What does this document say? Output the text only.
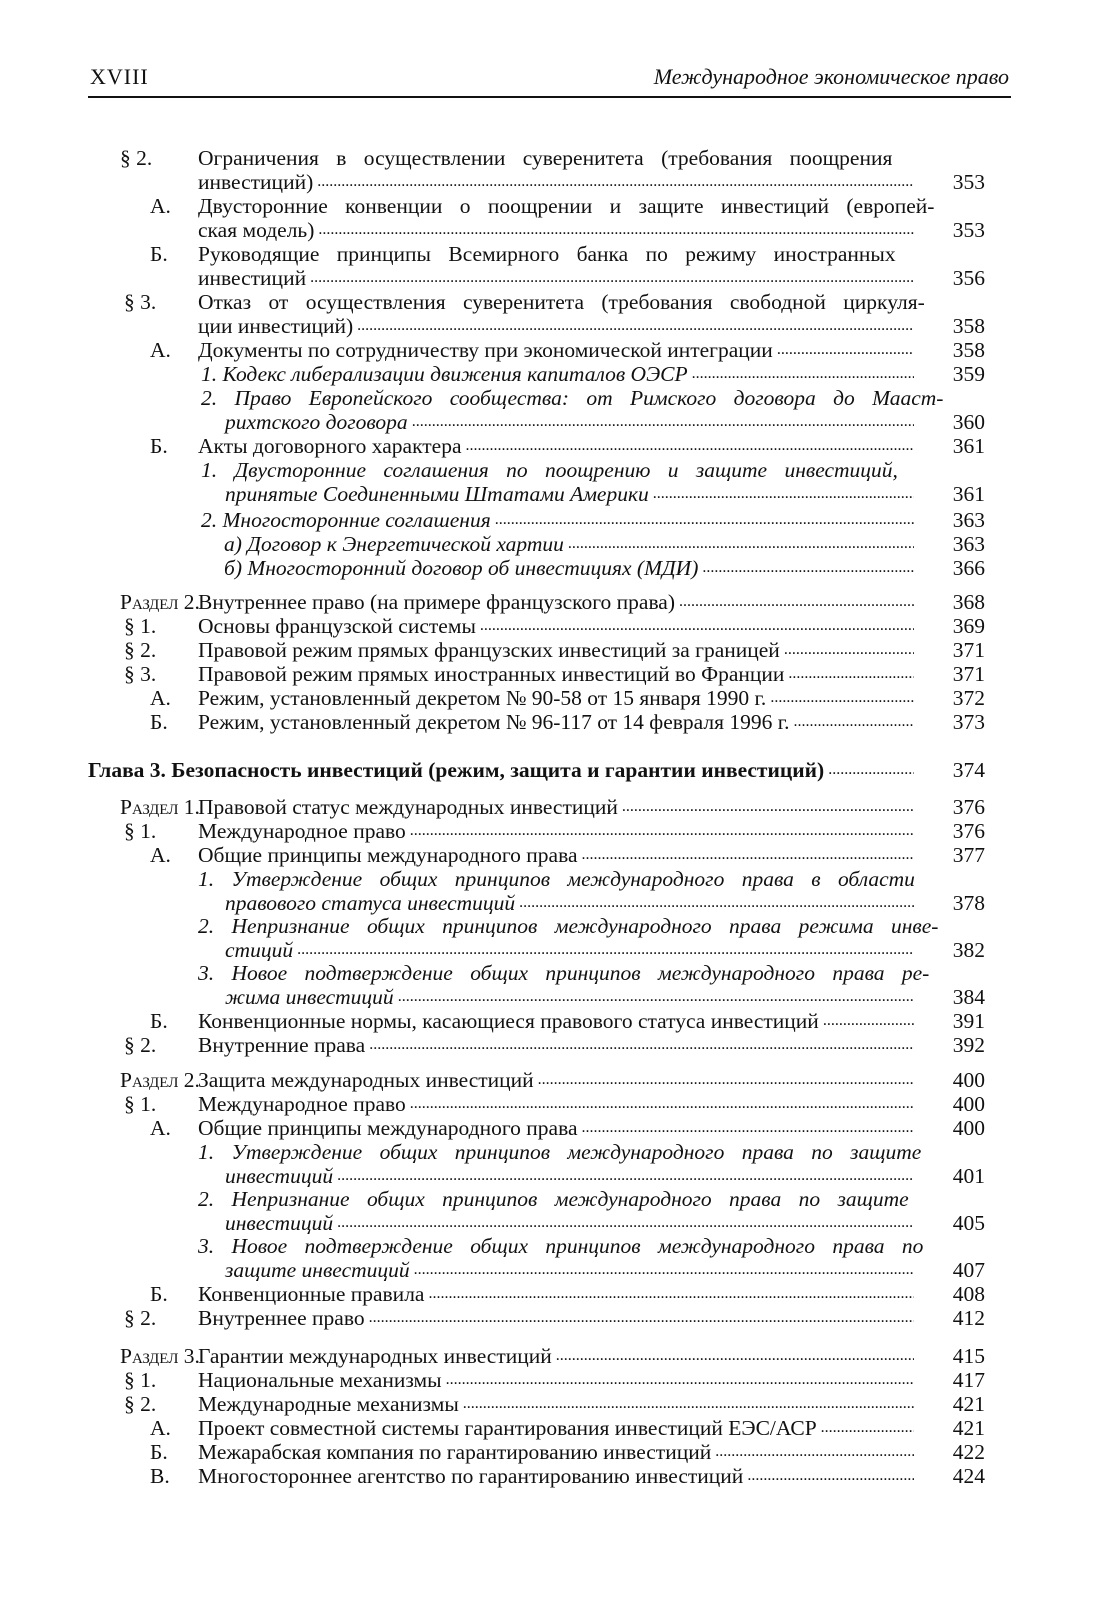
XVIII	Международное экономическое право
§ 2. Ограничения в осуществлении суверенитета (требования поощрения
инвестиций) .....	353
А. Двусторонние конвенции о поощрении и защите инвестиций (европей-
ская модель) .....	353
Б. Руководящие принципы Всемирного банка по режиму иностранных
инвестиций .....	356
§ 3. Отказ от осуществления суверенитета (требования свободной циркуля-
ции инвестиций) .....	358
А. Документы по сотрудничеству при экономической интеграции .....	358
1. Кодекс либерализации движения капиталов ОЭСР .....	359
2. Право Европейского сообщества: от Римского договора до Мааст-
рихтского договора .....	360
Б. Акты договорного характера .....	361
1. Двусторонние соглашения по поощрению и защите инвестиций,
принятые Соединенными Штатами Америки .....	361
2. Многосторонние соглашения .....	363
а) Договор к Энергетической хартии .....	363
б) Многосторонний договор об инвестициях (МДИ) .....	366
Раздел 2.
Внутреннее право (на примере французского права) .....	368
§ 1. Основы французской системы .....	369
§ 2. Правовой режим прямых французских инвестиций за границей .....	371
§ 3. Правовой режим прямых иностранных инвестиций во Франции .....	371
А. Режим, установленный декретом № 90-58 от 15 января 1990 г. .....	372
Б. Режим, установленный декретом № 96-117 от 14 февраля 1996 г. .....	373
Глава 3. Безопасность инвестиций (режим, защита и гарантии инвестиций) .....	374
Раздел 1.
Правовой статус международных инвестиций .....	376
§ 1. Международное право .....	376
А. Общие принципы международного права .....	377
1. Утверждение общих принципов международного права в области
правового статуса инвестиций .....	378
2. Непризнание общих принципов международного права режима инве-
стиций .....	382
3. Новое подтверждение общих принципов международного права ре-
жима инвестиций .....	384
Б. Конвенционные нормы, касающиеся правового статуса инвестиций .....	391
§ 2. Внутренние права .....	392
Раздел 2.
Защита международных инвестиций .....	400
§ 1. Международное право .....	400
А. Общие принципы международного права .....	400
1. Утверждение общих принципов международного права по защите
инвестиций .....	401
2. Непризнание общих принципов международного права по защите
инвестиций .....	405
3. Новое подтверждение общих принципов международного права по
защите инвестиций .....	407
Б. Конвенционные правила .....	408
§ 2. Внутреннее право .....	412
Раздел 3.
Гарантии международных инвестиций .....	415
§ 1. Национальные механизмы .....	417
§ 2. Международные механизмы .....	421
А. Проект совместной системы гарантирования инвестиций ЕЭС/АСР .....	421
Б. Межарабская компания по гарантированию инвестиций .....	422
В. Многостороннее агентство по гарантированию инвестиций .....	424
